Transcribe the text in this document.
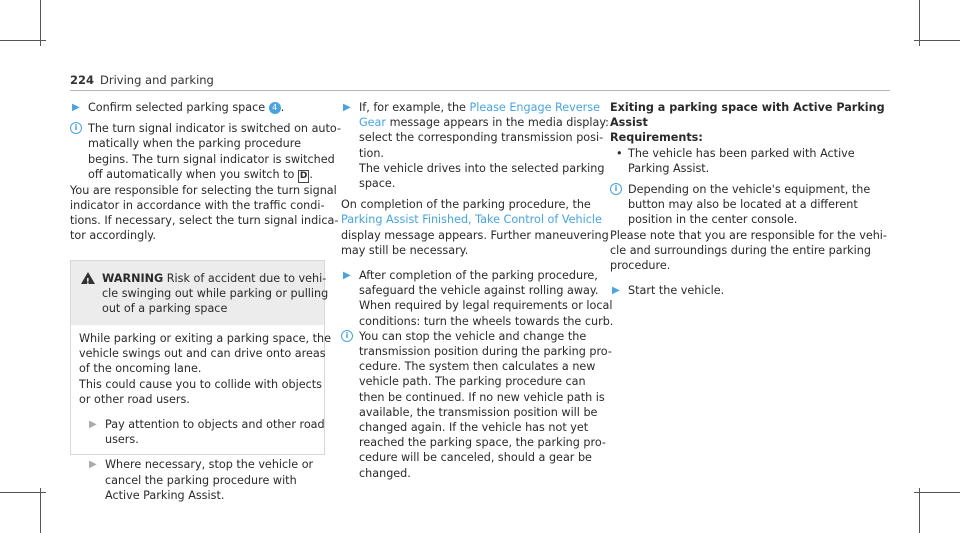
224 Driving and parking
▶ Confirm selected parking space 4 .
i The turn signal indicator is switched on auto-
matically when the parking procedure
begins. The turn signal indicator is switched
off automatically when you switch to D .
You are responsible for selecting the turn signal
indicator in accordance with the traffic condi-
tions. If necessary, select the turn signal indica-
tor accordingly.
! WARNING Risk of accident due to vehi-
cle swinging out while parking or pulling
out of a parking space
While parking or exiting a parking space, the
vehicle swings out and can drive onto areas
of the oncoming lane.
This could cause you to collide with objects
or other road users.
▶ Pay attention to objects and other road
users.
▶ Where necessary, stop the vehicle or
cancel the parking procedure with
Active Parking Assist.
▶ If, for example, the Please Engage Reverse
Gear message appears in the media display:
select the corresponding transmission posi-
tion.
The vehicle drives into the selected parking
space.
On completion of the parking procedure, the
Parking Assist Finished, Take Control of Vehicle
display message appears. Further maneuvering
may still be necessary.
▶ After completion of the parking procedure,
safeguard the vehicle against rolling away.
When required by legal requirements or local
conditions: turn the wheels towards the curb.
i You can stop the vehicle and change the
transmission position during the parking pro-
cedure. The system then calculates a new
vehicle path. The parking procedure can
then be continued. If no new vehicle path is
available, the transmission position will be
changed again. If the vehicle has not yet
reached the parking space, the parking pro-
cedure will be canceled, should a gear be
changed.
Exiting a parking space with Active Parking
Assist
Requirements:
• The vehicle has been parked with Active
Parking Assist.
i Depending on the vehicle's equipment, the
button may also be located at a different
position in the center console.
Please note that you are responsible for the vehi-
cle and surroundings during the entire parking
procedure.
▶ Start the vehicle.
